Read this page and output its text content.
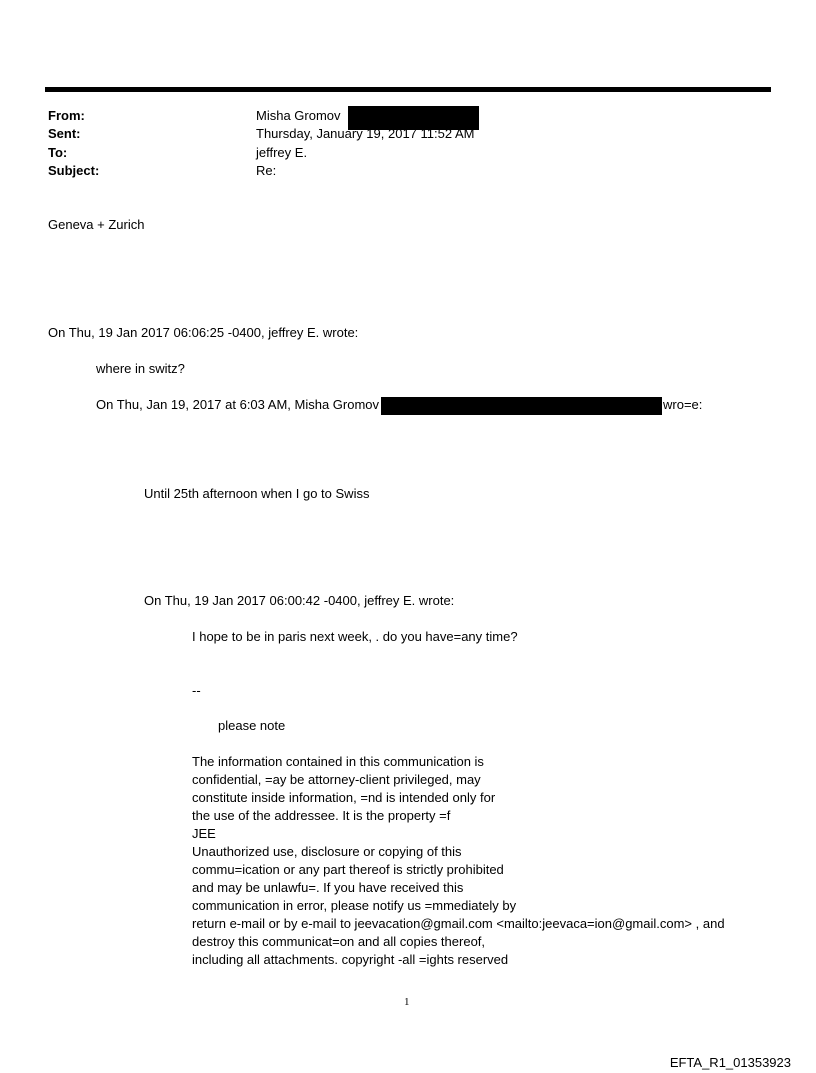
From:	Misha Gromov
Sent:	Thursday, January 19, 2017 11:52 AM
To:	jeffrey E.
Subject:	Re:
Geneva + Zurich
On Thu, 19 Jan 2017 06:06:25 -0400, jeffrey E. wrote:
where in switz?
On Thu, Jan 19, 2017 at 6:03 AM, Misha Gromov	wro=e:
Until 25th afternoon when I go to Swiss
On Thu, 19 Jan 2017 06:00:42 -0400, jeffrey E. wrote:
I hope to be in paris next week, . do you have=any time?
--
please note
The information contained in this communication is
confidential, =ay be attorney-client privileged, may
constitute inside information, =nd is intended only for
the use of the addressee. It is the property =f
JEE
Unauthorized use, disclosure or copying of this
commu=ication or any part thereof is strictly prohibited
and may be unlawfu=. If you have received this
communication in error, please notify us =mmediately by
return e-mail or by e-mail to jeevacation@gmail.com <mailto:jeevaca=ion@gmail.com> , and
destroy this communicat=on and all copies thereof,
including all attachments. copyright -all =ights reserved
1
EFTA_R1_01353923
